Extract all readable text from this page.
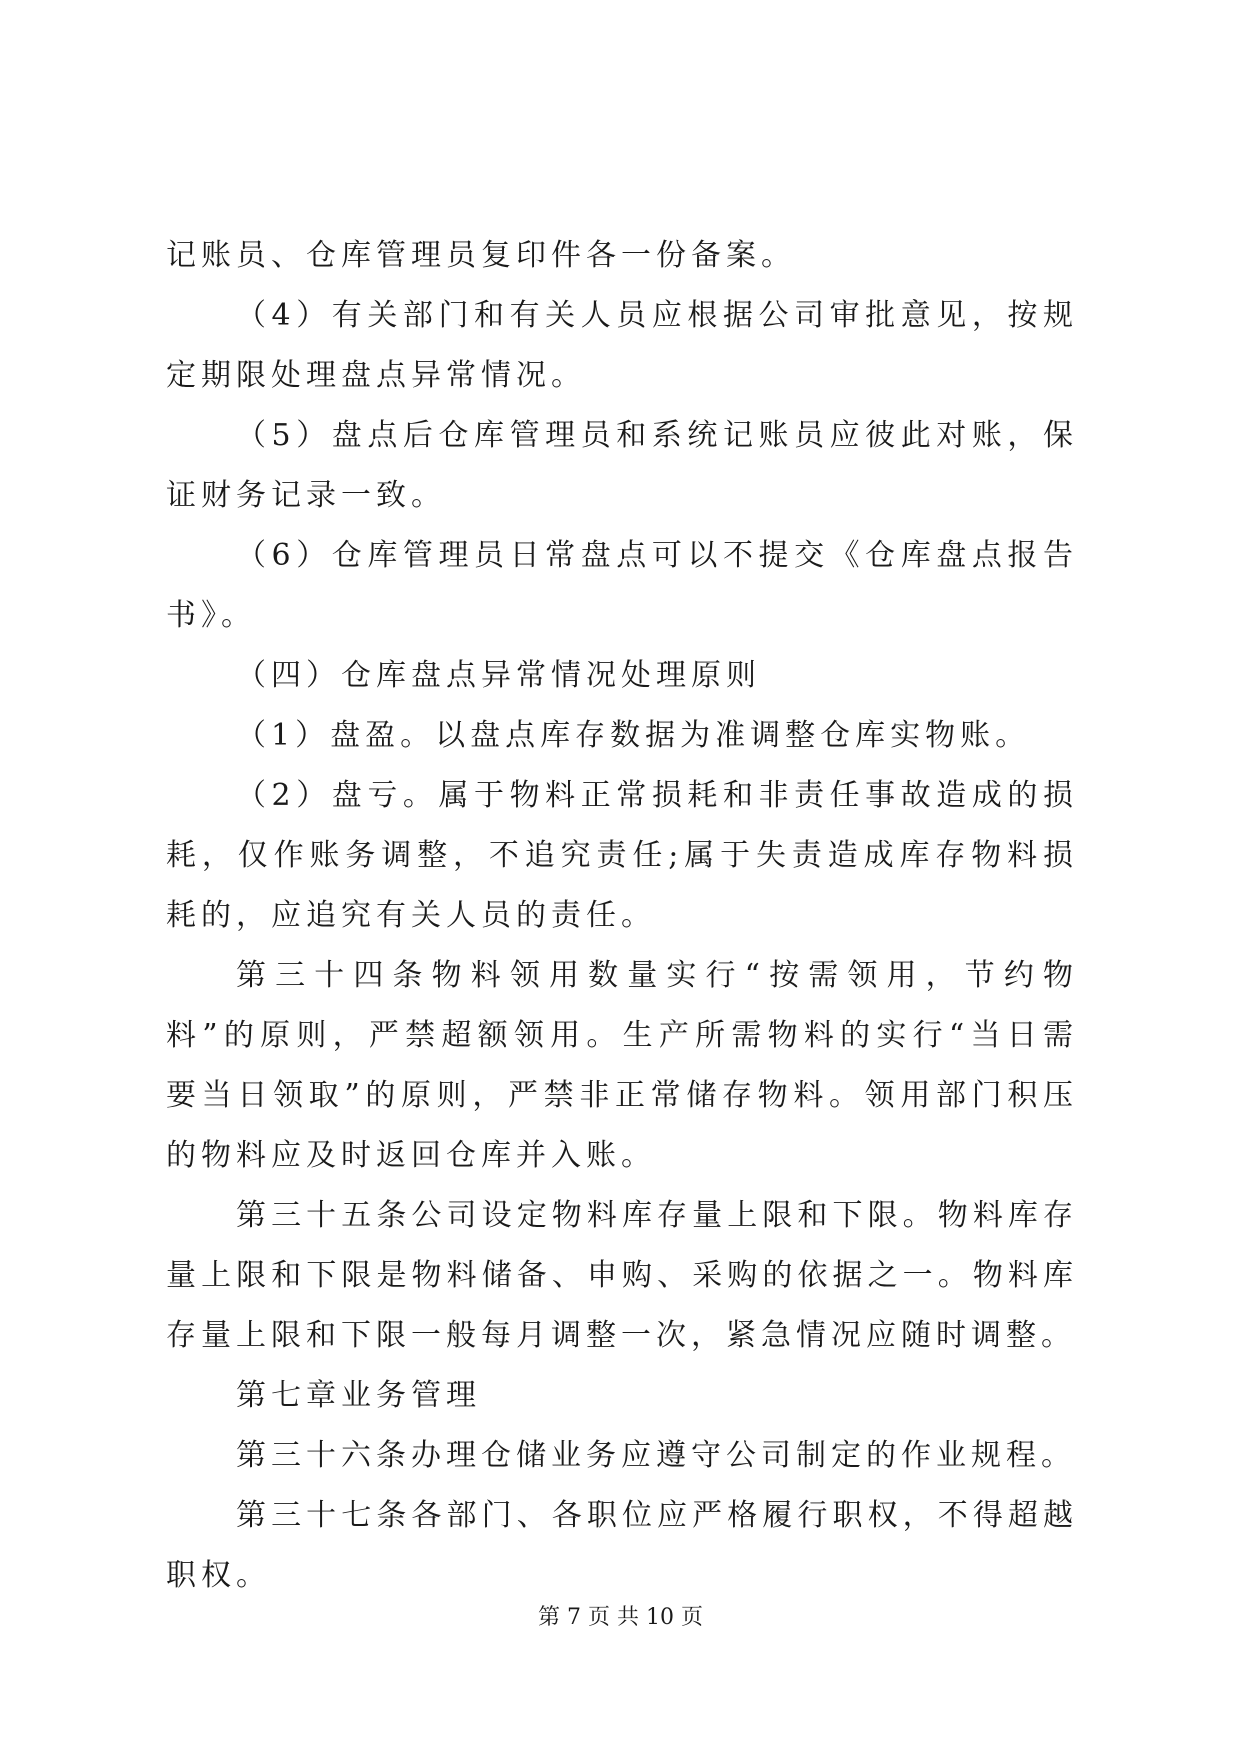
记账员、仓库管理员复印件各一份备案。

（4）有关部门和有关人员应根据公司审批意见，按规定期限处理盘点异常情况。

（5）盘点后仓库管理员和系统记账员应彼此对账，保证财务记录一致。

（6）仓库管理员日常盘点可以不提交《仓库盘点报告书》。

（四）仓库盘点异常情况处理原则

（1）盘盈。以盘点库存数据为准调整仓库实物账。

（2）盘亏。属于物料正常损耗和非责任事故造成的损耗，仅作账务调整，不追究责任;属于失责造成库存物料损耗的，应追究有关人员的责任。

第三十四条物料领用数量实行“按需领用，节约物料”的原则，严禁超额领用。生产所需物料的实行“当日需要当日领取”的原则，严禁非正常储存物料。领用部门积压的物料应及时返回仓库并入账。

第三十五条公司设定物料库存量上限和下限。物料库存量上限和下限是物料储备、申购、采购的依据之一。物料库存量上限和下限一般每月调整一次，紧急情况应随时调整。

第七章业务管理

第三十六条办理仓储业务应遵守公司制定的作业规程。

第三十七条各部门、各职位应严格履行职权，不得超越职权。

第 7 页 共 10 页
